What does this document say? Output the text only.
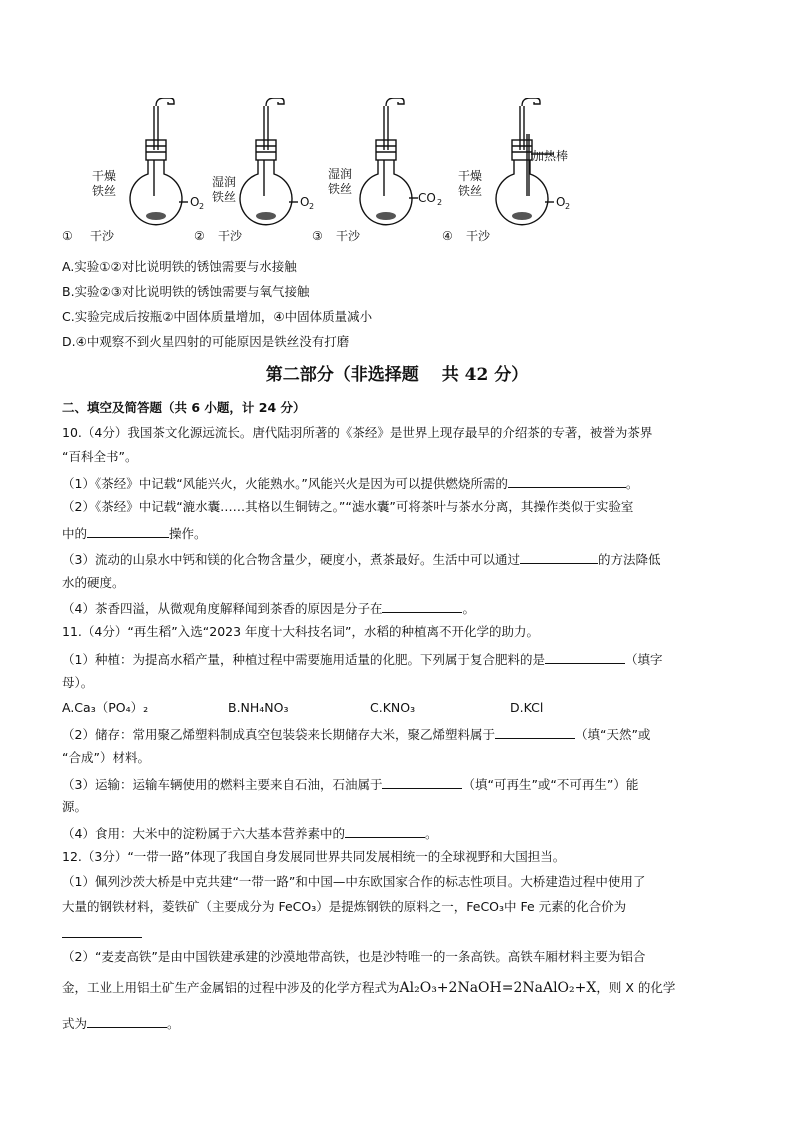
干燥
铁丝
O
湿润
铁丝	O
湿润
铁丝
CO
干燥
铁丝
O
加热棒
① 干沙	② 干沙	③ 干沙	④ 干沙
2	2	2	2
A.实验①②对比说明铁的锈蚀需要与水接触
B.实验②③对比说明铁的锈蚀需要与氧气接触
C.实验完成后按瓶②中固体质量增加，④中固体质量减小
D.④中观察不到火星四射的可能原因是铁丝没有打磨
第二部分（非选择题　 共 42 分）
二、填空及简答题（共 6 小题，计 24 分）
10.（4分）我国茶文化源远流长。唐代陆羽所著的《茶经》是世界上现存最早的介绍茶的专著，被誉为茶界
“百科全书”。
（1）《茶经》中记载“风能兴火，火能熟水。”风能兴火是因为可以提供燃烧所需的	。
（2）《茶经》中记载“漉水囊……其格以生铜铸之。”“滤水囊”可将茶叶与茶水分离，其操作类似于实验室
中的	操作。
（3）流动的山泉水中钙和镁的化合物含量少，硬度小，煮茶最好。生活中可以通过	的方法降低
水的硬度。
（4）茶香四溢，从微观角度解释闻到茶香的原因是分子在	。
11.（4分）“再生稻”入选“2023 年度十大科技名词”，水稻的种植离不开化学的助力。
（1）种植：为提高水稻产量，种植过程中需要施用适量的化肥。下列属于复合肥料的是	（填字
母）。
A.Ca₃（PO₄）₂	B.NH₄NO₃	C.KNO₃	D.KCl
（2）储存：常用聚乙烯塑料制成真空包装袋来长期储存大米，聚乙烯塑料属于	（填“天然”或
“合成”）材料。
（3）运输：运输车辆使用的燃料主要来自石油，石油属于	（填“可再生”或“不可再生”）能
源。
（4）食用：大米中的淀粉属于六大基本营养素中的	。
12.（3分）“一带一路”体现了我国自身发展同世界共同发展相统一的全球视野和大国担当。
（1）佩列沙茨大桥是中克共建“一带一路”和中国—中东欧国家合作的标志性项目。大桥建造过程中使用了
大量的钢铁材料，菱铁矿（主要成分为 FeCO₃）是提炼钢铁的原料之一，FeCO₃中 Fe 元素的化合价为
（2）“麦麦高铁”是由中国铁建承建的沙漠地带高铁，也是沙特唯一的一条高铁。高铁车厢材料主要为铝合
金，工业上用铝土矿生产金属铝的过程中涉及的化学方程式为Al₂O₃+2NaOH=2NaAlO₂+X，则 X 的化学
式为	。
